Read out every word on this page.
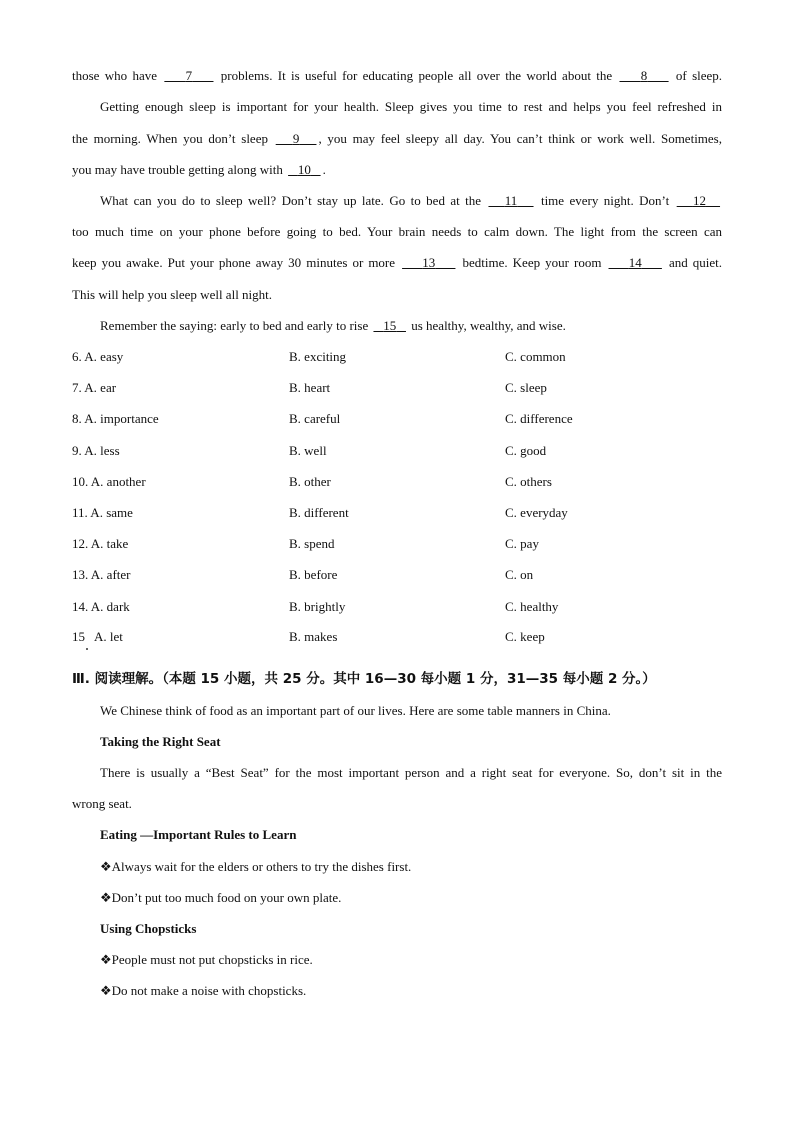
those who have     7     problems. It is useful for educating people all over the world about the     8     of sleep.
Getting enough sleep is important for your health. Sleep gives you time to rest and helps you feel refreshed in
the morning. When you don’t sleep    9 , you may feel sleepy all day. You can’t think or work well. Sometimes,
you may have trouble getting along with    10 .
What can you do to sleep well? Don’t stay up late. Go to bed at the    11    time every night. Don’t    12
too much time on your phone before going to bed. Your brain needs to calm down. The light from the screen can
keep you awake. Put your phone away 30 minutes or more     13     bedtime. Keep your room     14     and quiet.
This will help you sleep well all night.
Remember the saying: early to bed and early to rise    15    us healthy, wealthy, and wise.
6. A. easy	B. exciting	C. common
7. A. ear	B. heart	C. sleep
8. A. importance	B. careful	C. difference
9. A. less	B. well	C. good
10. A. another	B. other	C. others
11. A. same	B. different	C. everyday
12. A. take	B. spend	C. pay
13. A. after	B. before	C. on
14. A. dark	B. brightly	C. healthy
15   A. let	B. makes	C. keep
Ⅲ. 阅读理解。（本题 15 小题，共 25 分。其中 16—30 每小题 1 分，31—35 每小题 2 分。）
We Chinese think of food as an important part of our lives. Here are some table manners in China.
Taking the Right Seat
There is usually a “Best Seat” for the most important person and a right seat for everyone. So, don’t sit in the
wrong seat.
Eating —Important Rules to Learn
❖Always wait for the elders or others to try the dishes first.
❖Don’t put too much food on your own plate.
Using Chopsticks
❖People must not put chopsticks in rice.
❖Do not make a noise with chopsticks.
